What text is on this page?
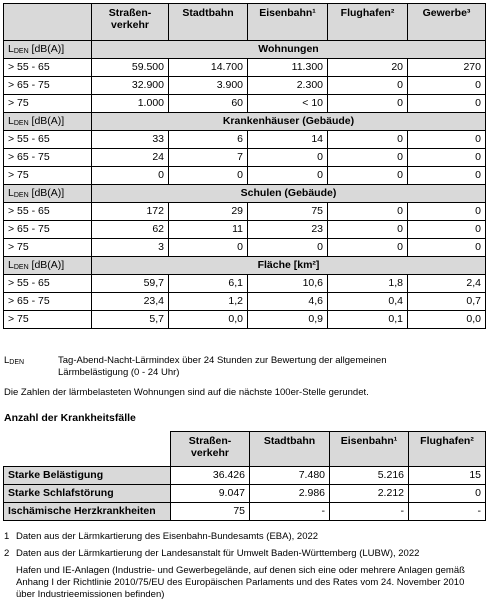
	Straßen-verkehr	Stadtbahn	Eisenbahn¹	Flughafen²	Gewerbe³
$L_{DEN}$ [dB(A)]	Wohnungen				
> 55 - 65	59.500	14.700	11.300	20	270
> 65 - 75	32.900	3.900	2.300	0	0
> 75	1.000	60	< 10	0	0
$L_{DEN}$ [dB(A)]	Krankenhäuser (Gebäude)				
> 55 - 65	33	6	14	0	0
> 65 - 75	24	7	0	0	0
> 75	0	0	0	0	0
$L_{DEN}$ [dB(A)]	Schulen (Gebäude)				
> 55 - 65	172	29	75	0	0
> 65 - 75	62	11	23	0	0
> 75	3	0	0	0	0
$L_{DEN}$ [dB(A)]	Fläche [km²]				
> 55 - 65	59,7	6,1	10,6	1,8	2,4
> 65 - 75	23,4	1,2	4,6	0,4	0,7
> 75	5,7	0,0	0,9	0,1	0,0
$L_{DEN}$	Tag-Abend-Nacht-Lärmindex über 24 Stunden zur Bewertung der allgemeinen Lärmbelästigung (0 - 24 Uhr)
Die Zahlen der lärmbelasteten Wohnungen sind auf die nächste 100er-Stelle gerundet.
Anzahl der Krankheitsfälle
	Straßen-verkehr	Stadtbahn	Eisenbahn¹	Flughafen²
Starke Belästigung	36.426	7.480	5.216	15
Starke Schlafstörung	9.047	2.986	2.212	0
Ischämische Herzkrankheiten	75	-	-	-
1 Daten aus der Lärmkartierung des Eisenbahn-Bundesamts (EBA), 2022
2 Daten aus der Lärmkartierung der Landesanstalt für Umwelt Baden-Württemberg (LUBW), 2022
Hafen und IE-Anlagen (Industrie- und Gewerbegelände, auf denen sich eine oder mehrere Anlagen gemäß Anhang I der Richtlinie 2010/75/EU des Europäischen Parlaments und des Rates vom 24. November 2010 über Industrieemissionen befinden)
